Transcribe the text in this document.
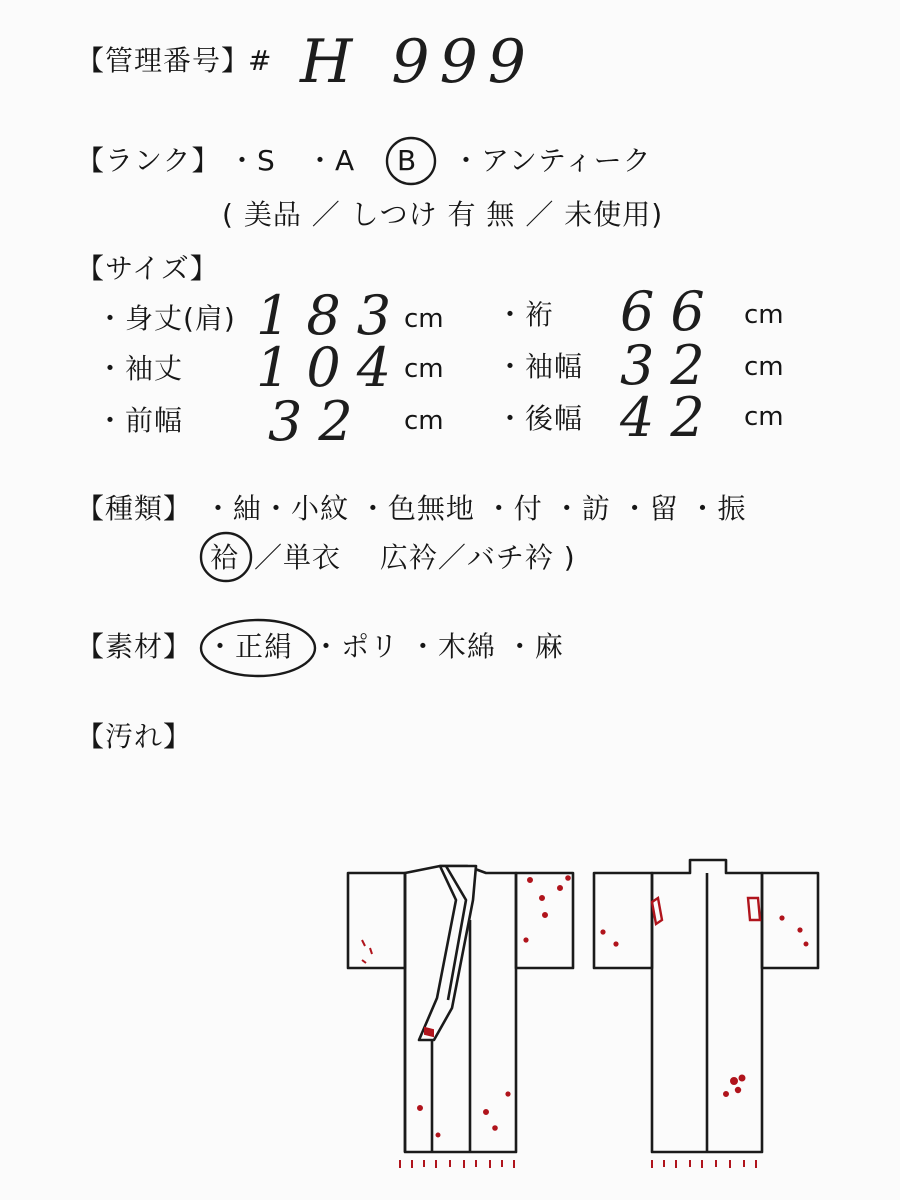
【管理番号】
# H 999
【ランク】 ・S ・A B ・アンティーク
( 美品 ／ しつけ 有 無 ／ 未使用)
【サイズ】
・身丈(肩) 183
cm ・裄 66 cm
・袖丈 104
cm ・袖幅 32 cm
・前幅 32 cm ・後幅 42 cm
【種類】 ・紬・小紋 ・色無地 ・付 ・訪 ・留 ・振
袷 ／単衣　 広衿／バチ衿 )
【素材】 ・正絹 ・ポリ ・木綿 ・麻
【汚れ】
